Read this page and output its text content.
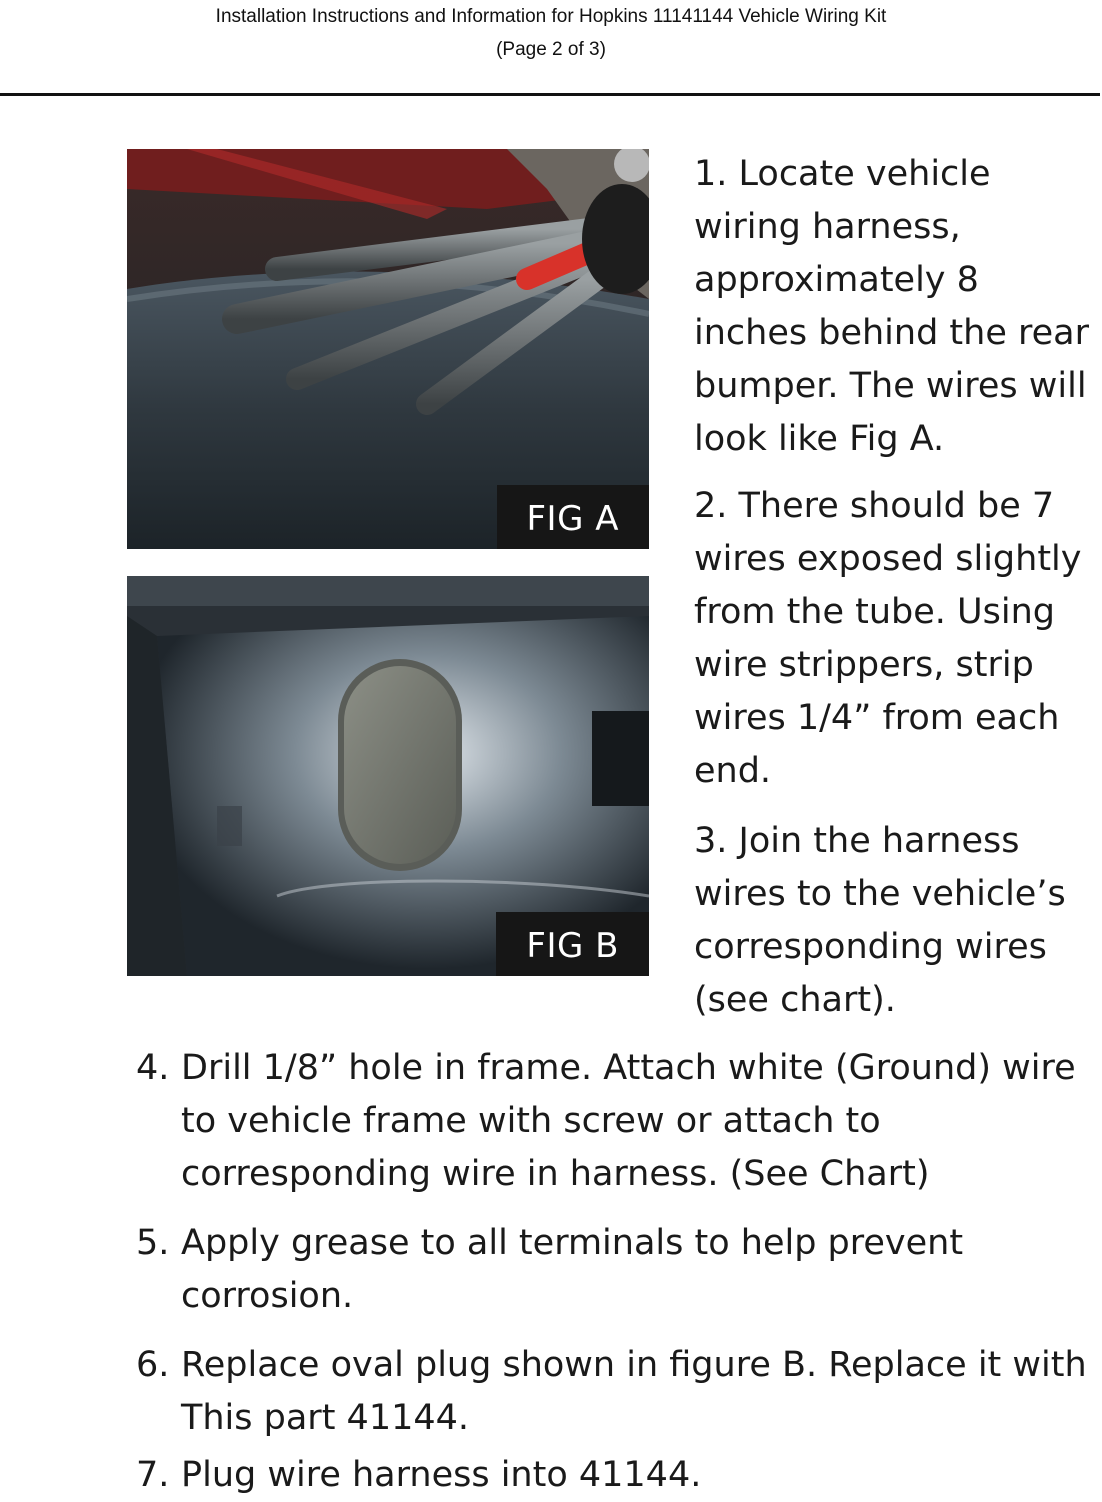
Installation Instructions and Information for Hopkins 11141144 Vehicle Wiring Kit
(Page 2 of 3)
FIG A
FIG B
1. Locate vehicle wiring harness, approximately 8 inches behind the rear bumper. The wires will look like Fig A.
2. There should be 7 wires exposed slightly from the tube. Using wire strippers, strip wires 1/4” from each end.
3. Join the harness wires to the vehicle’s corresponding wires (see chart).
4. Drill 1/8” hole in frame. Attach white (Ground) wire to vehicle frame with screw or attach to corresponding wire in harness. (See Chart)
5. Apply grease to all terminals to help prevent corrosion.
6. Replace oval plug shown in figure B. Replace it with This part 41144.
7. Plug wire harness into 41144.
